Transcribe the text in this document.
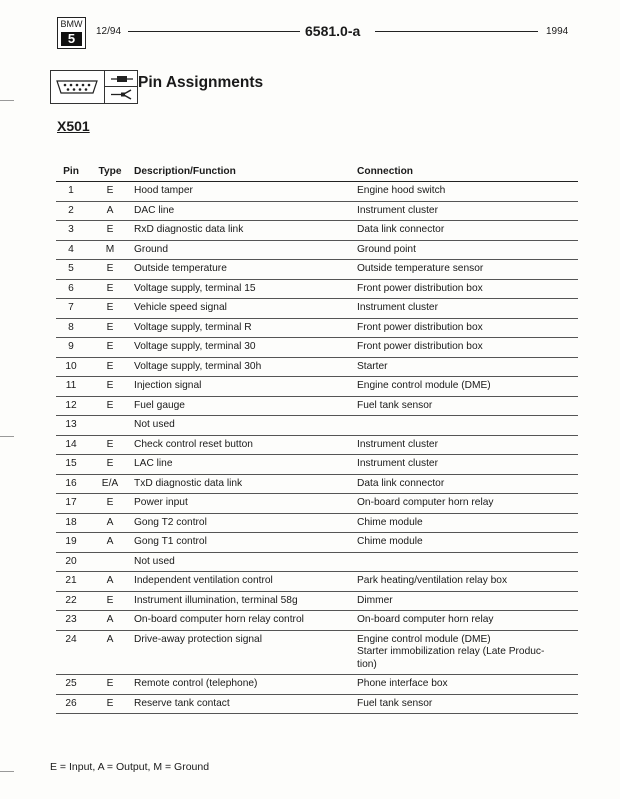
BMW
5	12/94	6581.0-a	1994
Pin Assignments
X501
Pin	Type	Description/Function	Connection
1	E	Hood tamper	Engine hood switch
2	A	DAC line	Instrument cluster
3	E	RxD diagnostic data link	Data link connector
4	M	Ground	Ground point
5	E	Outside temperature	Outside temperature sensor
6	E	Voltage supply, terminal 15	Front power distribution box
7	E	Vehicle speed signal	Instrument cluster
8	E	Voltage supply, terminal R	Front power distribution box
9	E	Voltage supply, terminal 30	Front power distribution box
10	E	Voltage supply, terminal 30h	Starter
11	E	Injection signal	Engine control module (DME)
12	E	Fuel gauge	Fuel tank sensor
13		Not used	
14	E	Check control reset button	Instrument cluster
15	E	LAC line	Instrument cluster
16	E/A	TxD diagnostic data link	Data link connector
17	E	Power input	On-board computer horn relay
18	A	Gong T2 control	Chime module
19	A	Gong T1 control	Chime module
20		Not used	
21	A	Independent ventilation control	Park heating/ventilation relay box
22	E	Instrument illumination, terminal 58g	Dimmer
23	A	On-board computer horn relay control	On-board computer horn relay
24	A	Drive-away protection signal	Engine control module (DME)
Starter immobilization relay (Late Produc-
tion)
25	E	Remote control (telephone)	Phone interface box
26	E	Reserve tank contact	Fuel tank sensor
E = Input, A = Output, M = Ground
